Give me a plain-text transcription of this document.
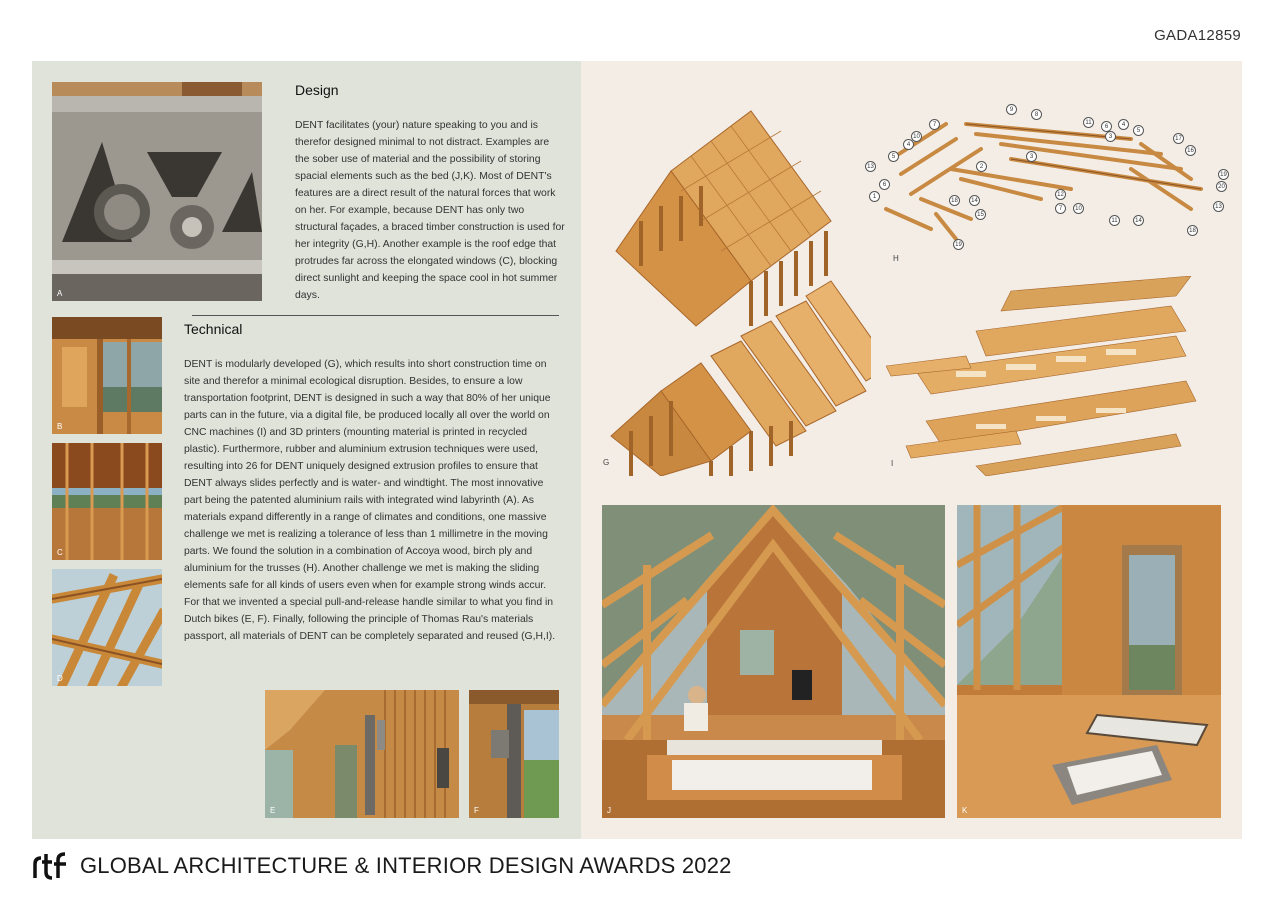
GADA12859
A
Design
DENT facilitates (your) nature speaking to you and is therefor designed minimal to not distract. Examples are the sober use of material and the possibility of storing spacial elements such as the bed (J,K). Most of DENT's features are a direct result of the natural forces that work on her. For example, because DENT has only two structural façades, a braced timber construction is used for her integrity (G,H). Another example is the roof edge that protrudes far across the elongated windows (C), blocking direct sunlight and keeping the space cool in hot summer days.
Technical
DENT is modularly developed (G), which results into short construction time on site and therefor a minimal ecological disruption. Besides, to ensure a low transportation footprint, DENT is designed in such a way that 80% of her unique parts can in the future, via a digital file, be produced locally all over the world on CNC machines (I) and 3D printers (mounting material is printed in recycled plastic). Furthermore, rubber and aluminium extrusion techniques were used, resulting into 26 for DENT uniquely designed extrusion profiles to ensure that DENT always slides perfectly and is water- and windtight. The most innovative part being the patented aluminium rails with integrated wind labyrinth (A). As materials expand differently in a range of climates and conditions, one massive challenge we met is realizing a tolerance of less than 1 millimetre in the moving parts. We found the solution in a combination of Accoya wood, birch ply and aluminium for the trusses (H). Another challenge we met is making the sliding elements safe for all kinds of users even when for example strong winds accur. For that we invented a special pull-and-release handle similar to what you find in Dutch bikes (E, F). Finally, following the principle of Thomas Rau's materials passport, all materials of DENT can be completely separated and reused (G,H,I).
B
C
D
E	F
G
H
9
8
11
6	4
5
7
10	17
16
3
13	2
19
20
1
14
18
15
12
19
7	10
14
18
13
6
5
4
11
3
I
J	K
GLOBAL ARCHITECTURE & INTERIOR DESIGN AWARDS 2022
